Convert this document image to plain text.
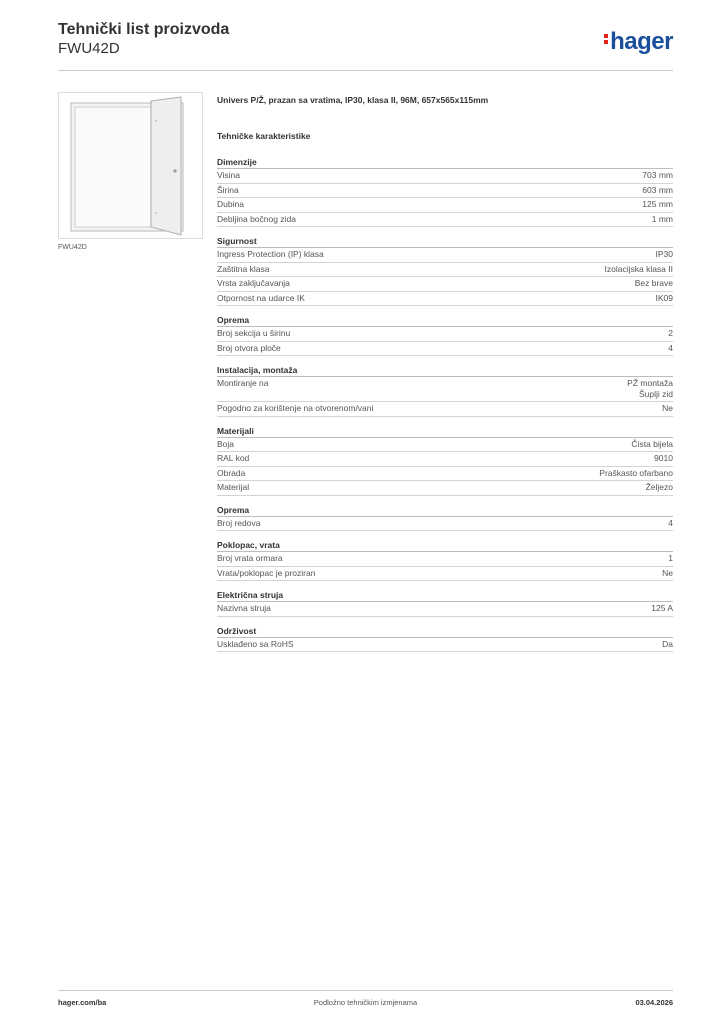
Tehnički list proizvoda
FWU42D	hager
FWU42D
Univers P/Ž, prazan sa vratima, IP30, klasa II, 96M, 657x565x115mm
Tehničke karakteristike
Dimenzije
Visina	703 mm
Širina	603 mm
Dubina	125 mm
Debljina bočnog zida	1 mm
Sigurnost
Ingress Protection (IP) klasa	IP30
Zaštitna klasa	Izolacijska klasa II
Vrsta zaključavanja	Bez brave
Otpornost na udarce IK	IK09
Oprema
Broj sekcija u širinu	2
Broj otvora ploče	4
Instalacija, montaža
Montiranje na	PŽ montaža
Šuplji zid
Pogodno za korištenje na otvorenom/vani	Ne
Materijali
Boja	Čista bijela
RAL kod	9010
Obrada	Praškasto ofarbano
Materijal	Željezo
Oprema
Broj redova	4
Poklopac, vrata
Broj vrata ormara	1
Vrata/poklopac je proziran	Ne
Električna struja
Nazivna struja	125 A
Održivost
Usklađeno sa RoHS	Da
hager.com/ba	Podložno tehničkim izmjenama	03.04.2026
